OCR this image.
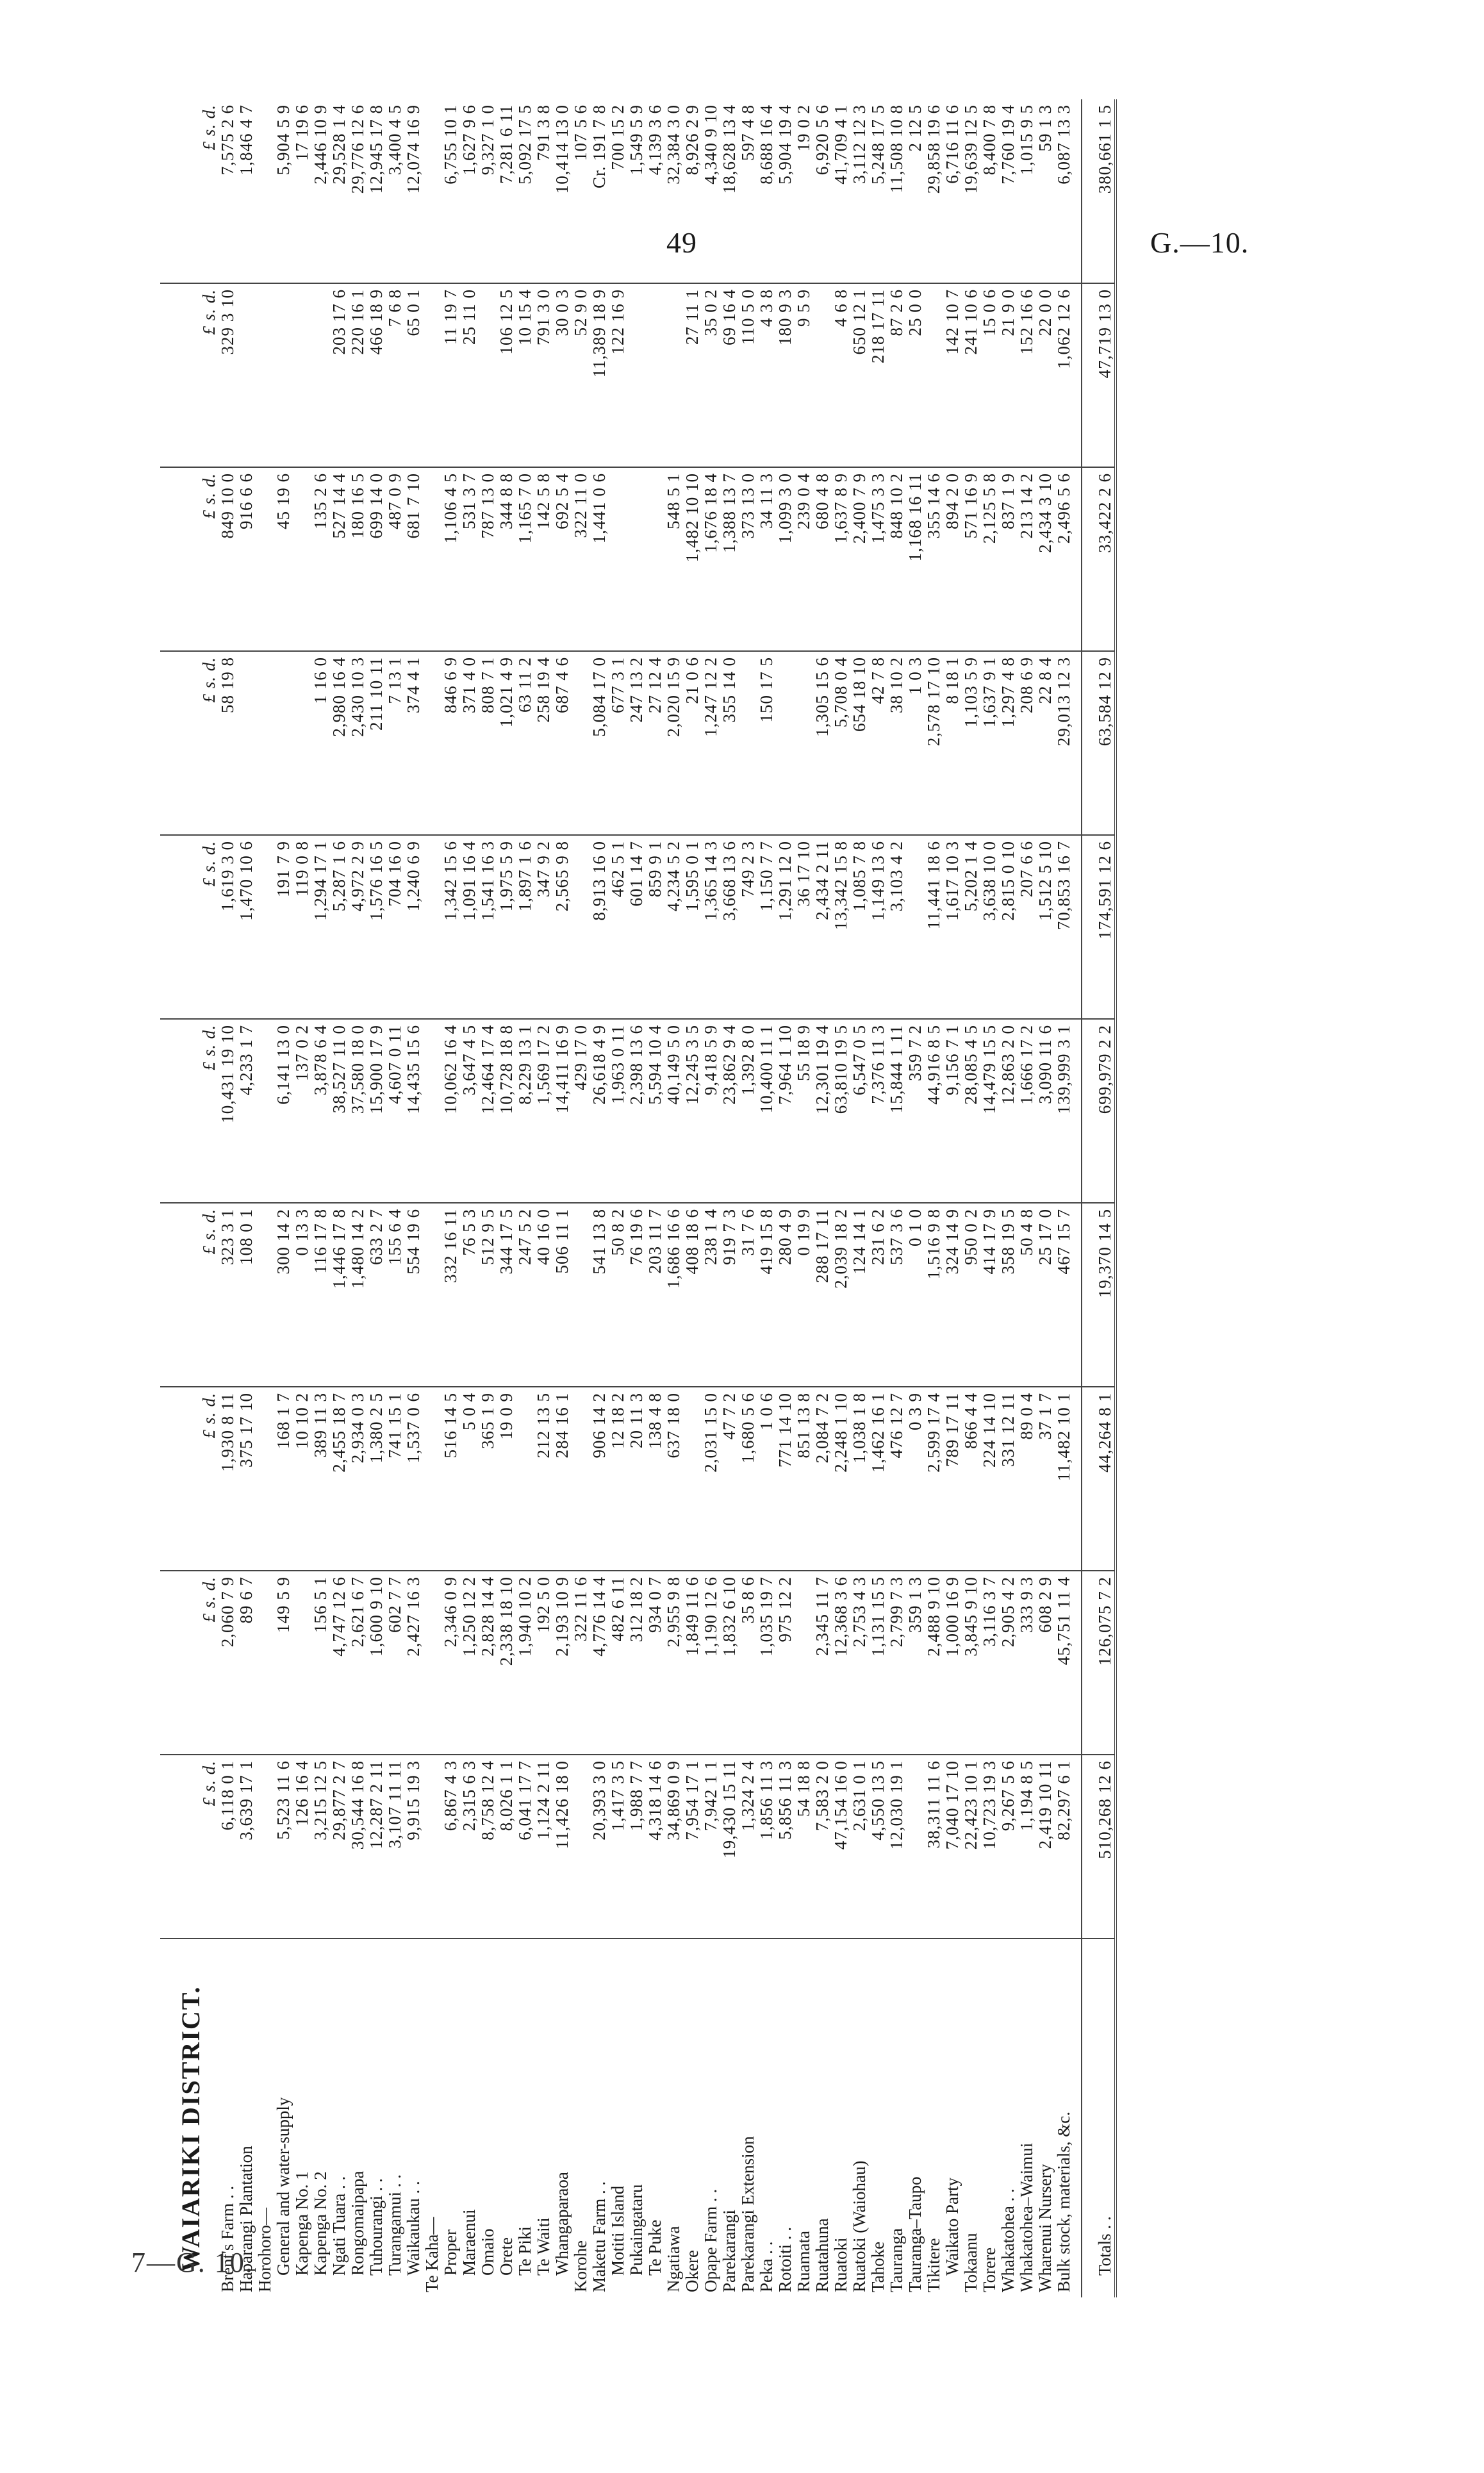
49	G.—10.
WAIARIKI DISTRICT.										
	£ s. d.	£ s. d.	£ s. d.	£ s. d.	£ s. d.	£ s. d.	£ s. d.	£ s. d.	£ s. d.	£ s. d.
Brent's Farm . .	6,118 0 1	2,060 7 9	1,930 8 11	323 3 1	10,431 19 10	1,619 3 0	58 19 8	849 10 0	329 3 10	7,575 2 6
Haparangi Plantation	3,639 17 1	89 6 7	375 17 10	108 0 1	4,233 1 7	1,470 10 6		916 6 6		1,846 4 7
Horohoro—										
General and water-supply	5,523 11 6	149 5 9	168 1 7	300 14 2	6,141 13 0	191 7 9		45 19 6		5,904 5 9
Kapenga No. 1	126 16 4		10 10 2	0 13 3	137 0 2	119 0 8				17 19 6
Kapenga No. 2	3,215 12 5	156 5 1	389 11 3	116 17 8	3,878 6 4	1,294 17 1	1 16 0	135 2 6		2,446 10 9
Ngati Tuara . .	29,877 2 7	4,747 12 6	2,455 18 7	1,446 17 8	38,527 11 0	5,287 1 6	2,980 16 4	527 14 4	203 17 6	29,528 1 4
Rongomaipapa	30,544 16 8	2,621 6 7	2,934 0 3	1,480 14 2	37,580 18 0	4,972 2 9	2,430 10 3	180 16 5	220 16 1	29,776 12 6
Tuhourangi . .	12,287 2 11	1,600 9 10	1,380 2 5	633 2 7	15,900 17 9	1,576 16 5	211 10 11	699 14 0	466 18 9	12,945 17 8
Turangamui . .	3,107 11 11	602 7 7	741 15 1	155 6 4	4,607 0 11	704 16 0	7 13 1	487 0 9	7 6 8	3,400 4 5
Waikaukau . .	9,915 19 3	2,427 16 3	1,537 0 6	554 19 6	14,435 15 6	1,240 6 9	374 4 1	681 7 10	65 0 1	12,074 16 9
Te Kaha—										
Proper	6,867 4 3	2,346 0 9	516 14 5	332 16 11	10,062 16 4	1,342 15 6	846 6 9	1,106 4 5	11 19 7	6,755 10 1
Maraenui	2,315 6 3	1,250 12 2	5 0 4	76 5 3	3,647 4 5	1,091 16 4	371 4 0	531 3 7	25 11 0	1,627 9 6
Omaio	8,758 12 4	2,828 14 4	365 1 9	512 9 5	12,464 17 4	1,541 16 3	808 7 1	787 13 0		9,327 1 0
Orete	8,026 1 1	2,338 18 10	19 0 9	344 17 5	10,728 18 8	1,975 5 9	1,021 4 9	344 8 8	106 12 5	7,281 6 11
Te Piki	6,041 17 7	1,940 10 2		247 5 2	8,229 13 1	1,897 1 6	63 11 2	1,165 7 0	10 15 4	5,092 17 5
Te Waiti	1,124 2 11	192 5 0	212 13 5	40 16 0	1,569 17 2	347 9 2	258 19 4	142 5 8	791 3 0	791 3 8
Whangaparaoa	11,426 18 0	2,193 10 9	284 16 1	506 11 1	14,411 16 9	2,565 9 8	687 4 6	692 5 4	30 0 3	10,414 13 0
Korohe		322 11 6			429 17 0			322 11 0	52 9 0	107 5 6
Maketu Farm . .	20,393 3 0	4,776 14 4	906 14 2	541 13 8	26,618 4 9	8,913 16 0	5,084 17 0	1,441 0 6	11,389 18 9	Cr. 191 7 8
Motiti Island	1,417 3 5	482 6 11	12 18 2	50 8 2	1,963 0 11	462 5 1	677 3 1		122 16 9	700 15 2
Pukaingataru	1,988 7 7	312 18 2	20 11 3	76 19 6	2,398 13 6	601 14 7	247 13 2			1,549 5 9
Te Puke	4,318 14 6	934 0 7	138 4 8	203 11 7	5,594 10 4	859 9 1	27 12 4			4,139 3 6
Ngatiawa	34,869 0 9	2,955 9 8	637 18 0	1,686 16 6	40,149 5 0	4,234 5 2	2,020 15 9	548 5 1		32,384 3 0
Okere	7,954 17 1	1,849 11 6		408 18 6	12,245 3 5	1,595 0 1	21 0 6	1,482 10 10	27 11 1	8,926 2 9
Opape Farm . .	7,942 1 1	1,190 12 6	2,031 15 0	238 1 4	9,418 5 9	1,365 14 3	1,247 12 2	1,676 18 4	35 0 2	4,340 9 10
Parekarangi	19,430 15 11	1,832 6 10	47 7 2	919 7 3	23,862 9 4	3,668 13 6	355 14 0	1,388 13 7	69 16 4	18,628 13 4
Parekarangi Extension	1,324 2 4	35 8 6	1,680 5 6	31 7 6	1,392 8 0	749 2 3		373 13 0	110 5 0	597 4 8
Peka . .	1,856 11 3	1,035 19 7	1 0 6	419 15 8	10,400 11 1	1,150 7 7	150 17 5	34 11 3	4 3 8	8,688 16 4
Rotoiti . .	5,856 11 3	975 12 2	771 14 10	280 4 9	7,964 1 10	1,291 12 0		1,099 3 0	180 9 3	5,904 19 4
Ruamata	54 18 8		851 13 8	0 19 9	55 18 9	36 17 10		239 0 4	9 5 9	19 0 2
Ruatahuna	7,583 2 0	2,345 11 7	2,084 7 2	288 17 11	12,301 19 4	2,434 2 11	1,305 15 6	680 4 8		6,920 5 6
Ruatoki	47,154 16 0	12,368 3 6	2,248 1 10	2,039 18 2	63,810 19 5	13,342 15 8	5,708 0 4	1,637 8 9	4 6 8	41,709 4 1
Ruatoki (Waiohau)	2,631 0 1	2,753 4 3	1,038 1 8	124 14 1	6,547 0 5	1,085 7 8	654 18 10	2,400 7 9	650 12 1	3,112 12 3
Tahoke	4,550 13 5	1,131 15 5	1,462 16 1	231 6 2	7,376 11 3	1,149 13 6	42 7 8	1,475 3 3	218 17 11	5,248 17 5
Tauranga	12,030 19 1	2,799 7 3	476 12 7	537 3 6	15,844 1 11	3,103 4 2	38 10 2	848 10 2	87 2 6	11,508 10 8
Tauranga–Taupo		359 1 3	0 3 9	0 1 0	359 7 2		1 0 3	1,168 16 11	25 0 0	2 12 5
Tikitere	38,311 11 6	2,488 9 10	2,599 17 4	1,516 9 8	44,916 8 5	11,441 18 6	2,578 17 10	355 14 6		29,858 19 6
Waikato Party	7,040 17 10	1,000 16 9	789 17 11	324 14 9	9,156 7 1	1,617 10 3	8 18 1	894 2 0	142 10 7	6,716 11 6
Tokaanu	22,423 10 1	3,845 9 10	866 4 4	950 0 2	28,085 4 5	5,202 1 4	1,103 5 9	571 16 9	241 10 6	19,639 12 5
Torere	10,723 19 3	3,116 3 7	224 14 10	414 17 9	14,479 15 5	3,638 10 0	1,637 9 1	2,125 5 8	15 0 6	8,400 7 8
Whakatohea . .	9,267 5 6	2,905 4 2	331 12 11	358 19 5	12,863 2 0	2,815 0 10	1,297 4 8	837 1 9	21 9 0	7,760 19 4
Whakatohea–Waimui	1,194 8 5	333 9 3	89 0 4	50 4 8	1,666 17 2	207 6 6	208 6 9	213 14 2	152 16 6	1,015 9 5
Wharenui Nursery	2,419 10 11	608 2 9	37 1 7	25 17 0	3,090 11 6	1,512 5 10	22 8 4	2,434 3 10	22 0 0	59 1 3
Bulk stock, materials, &c.	82,297 6 1	45,751 11 4	11,482 10 1	467 15 7	139,999 3 1	70,853 16 7	29,013 12 3	2,496 5 6	1,062 12 6	6,087 13 3

Totals . .	510,268 12 6	126,075 7 2	44,264 8 1	19,370 14 5	699,979 2 2	174,591 12 6	63,584 12 9	33,422 2 6	47,719 13 0	380,661 1 5
7—G. 10.
